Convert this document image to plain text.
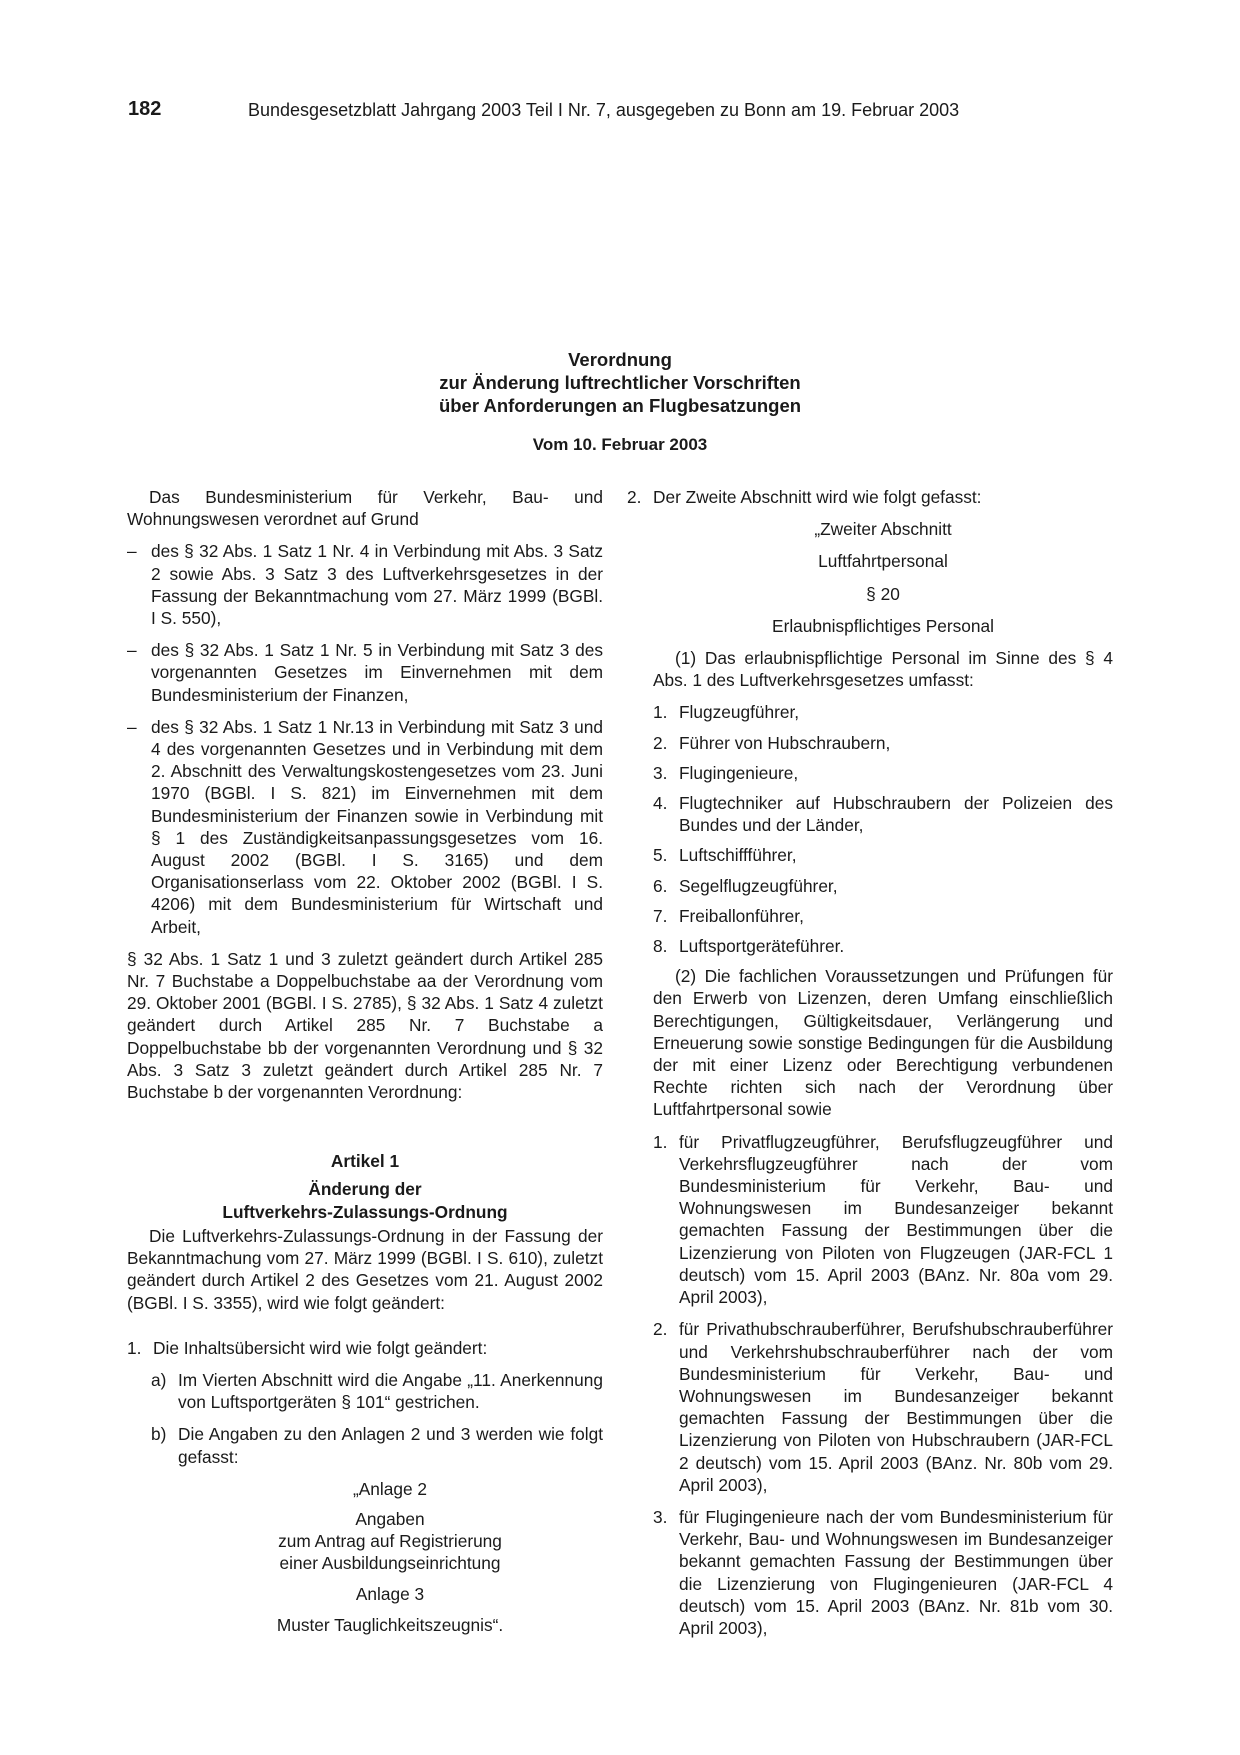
182	Bundesgesetzblatt Jahrgang 2003 Teil I Nr. 7, ausgegeben zu Bonn am 19. Februar 2003
Verordnung
zur Änderung luftrechtlicher Vorschriften
über Anforderungen an Flugbesatzungen
Vom 10. Februar 2003

Das Bundesministerium für Verkehr, Bau- und Wohnungswesen verordnet auf Grund

– des § 32 Abs. 1 Satz 1 Nr. 4 in Verbindung mit Abs. 3 Satz 2 sowie Abs. 3 Satz 3 des Luftverkehrsgesetzes in der Fassung der Bekanntmachung vom 27. März 1999 (BGBl. I S. 550),
– des § 32 Abs. 1 Satz 1 Nr. 5 in Verbindung mit Satz 3 des vorgenannten Gesetzes im Einvernehmen mit dem Bundesministerium der Finanzen,
– des § 32 Abs. 1 Satz 1 Nr.13 in Verbindung mit Satz 3 und 4 des vorgenannten Gesetzes und in Verbindung mit dem 2. Abschnitt des Verwaltungskostengesetzes vom 23. Juni 1970 (BGBl. I S. 821) im Einvernehmen mit dem Bundesministerium der Finanzen sowie in Verbindung mit § 1 des Zuständigkeitsanpassungsgesetzes vom 16. August 2002 (BGBl. I S. 3165) und dem Organisationserlass vom 22. Oktober 2002 (BGBl. I S. 4206) mit dem Bundesministerium für Wirtschaft und Arbeit,

§ 32 Abs. 1 Satz 1 und 3 zuletzt geändert durch Artikel 285 Nr. 7 Buchstabe a Doppelbuchstabe aa der Verordnung vom 29. Oktober 2001 (BGBl. I S. 2785), § 32 Abs. 1 Satz 4 zuletzt geändert durch Artikel 285 Nr. 7 Buchstabe a Doppelbuchstabe bb der vorgenannten Verordnung und § 32 Abs. 3 Satz 3 zuletzt geändert durch Artikel 285 Nr. 7 Buchstabe b der vorgenannten Verordnung:

Artikel 1

Änderung der

Luftverkehrs-Zulassungs-Ordnung

Die Luftverkehrs-Zulassungs-Ordnung in der Fassung der Bekanntmachung vom 27. März 1999 (BGBl. I S. 610), zuletzt geändert durch Artikel 2 des Gesetzes vom 21. August 2002 (BGBl. I S. 3355), wird wie folgt geändert:

1. Die Inhaltsübersicht wird wie folgt geändert:
a) Im Vierten Abschnitt wird die Angabe „11. Anerkennung von Luftsportgeräten § 101“ gestrichen.
b) Die Angaben zu den Anlagen 2 und 3 werden wie folgt gefasst:

„Anlage 2

Angaben

zum Antrag auf Registrierung

einer Ausbildungseinrichtung

Anlage 3

Muster Tauglichkeitszeugnis“.

2. Der Zweite Abschnitt wird wie folgt gefasst:

„Zweiter Abschnitt

Luftfahrtpersonal

§ 20

Erlaubnispflichtiges Personal

(1) Das erlaubnispflichtige Personal im Sinne des § 4 Abs. 1 des Luftverkehrsgesetzes umfasst:

1. Flugzeugführer,
2. Führer von Hubschraubern,
3. Flugingenieure,
4. Flugtechniker auf Hubschraubern der Polizeien des Bundes und der Länder,
5. Luftschiffführer,
6. Segelflugzeugführer,
7. Freiballonführer,
8. Luftsportgeräteführer.

(2) Die fachlichen Voraussetzungen und Prüfungen für den Erwerb von Lizenzen, deren Umfang einschließlich Berechtigungen, Gültigkeitsdauer, Verlängerung und Erneuerung sowie sonstige Bedingungen für die Ausbildung der mit einer Lizenz oder Berechtigung verbundenen Rechte richten sich nach der Verordnung über Luftfahrtpersonal sowie

1. für Privatflugzeugführer, Berufsflugzeugführer und Verkehrsflugzeugführer nach der vom Bundesministerium für Verkehr, Bau- und Wohnungswesen im Bundesanzeiger bekannt gemachten Fassung der Bestimmungen über die Lizenzierung von Piloten von Flugzeugen (JAR-FCL 1 deutsch) vom 15. April 2003 (BAnz. Nr. 80a vom 29. April 2003),
2. für Privathubschrauberführer, Berufshubschrauberführer und Verkehrshubschrauberführer nach der vom Bundesministerium für Verkehr, Bau- und Wohnungswesen im Bundesanzeiger bekannt gemachten Fassung der Bestimmungen über die Lizenzierung von Piloten von Hubschraubern (JAR-FCL 2 deutsch) vom 15. April 2003 (BAnz. Nr. 80b vom 29. April 2003),
3. für Flugingenieure nach der vom Bundesministerium für Verkehr, Bau- und Wohnungswesen im Bundesanzeiger bekannt gemachten Fassung der Bestimmungen über die Lizenzierung von Flugingenieuren (JAR-FCL 4 deutsch) vom 15. April 2003 (BAnz. Nr. 81b vom 30. April 2003),
